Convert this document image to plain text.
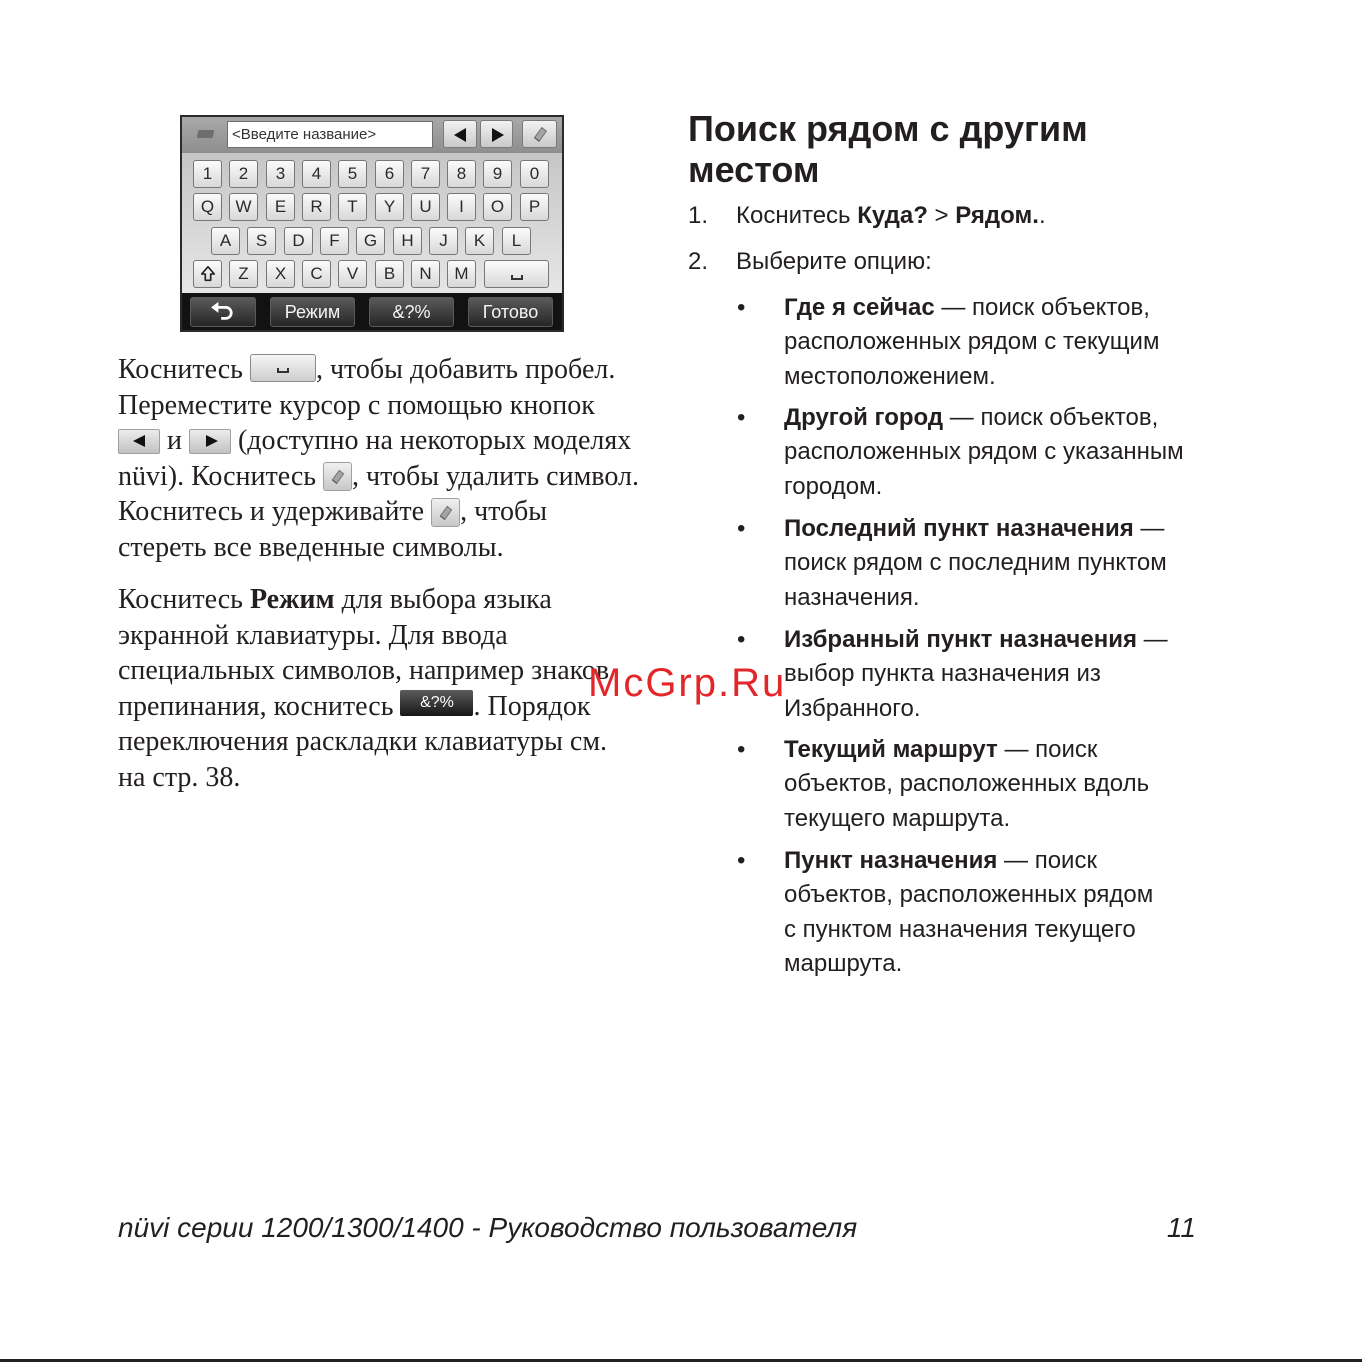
<Введите название>
1	2	3	4	5	6	7	8	9	0
Q	W	E	R	T	Y	U	I	O	P
A	S	D	F	G	H	J	K	L
Z	X	C	V	B	N	M
Режим	&?%	Готово
Коснитесь
, чтобы добавить пробел.
Переместите курсор с помощью кнопок
и
(доступно на некоторых моделях
nüvi). Коснитесь
, чтобы удалить символ.
Коснитесь и удерживайте
, чтобы
стереть все введенные символы.
Коснитесь Режим для выбора языка
экранной клавиатуры. Для ввода
специальных символов, например знаков
препинания, коснитесь &?% . Порядок
переключения раскладки клавиатуры см.
на стр. 38.
Поиск рядом с другим местом
1. Коснитесь Куда? > Рядом..
2. Выберите опцию:
• Где я сейчас — поиск объектов,
расположенных рядом с текущим
местоположением.
• Другой город — поиск объектов,
расположенных рядом с указанным
городом.
• Последний пункт назначения —
поиск рядом с последним пунктом
назначения.
• Избранный пункт назначения —
выбор пункта назначения из
Избранного.
• Текущий маршрут — поиск
объектов, расположенных вдоль
текущего маршрута.
• Пункт назначения — поиск
объектов, расположенных рядом
с пунктом назначения текущего
маршрута.
McGrp.Ru
nüvi серии 1200/1300/1400 - Руководство пользователя	11
